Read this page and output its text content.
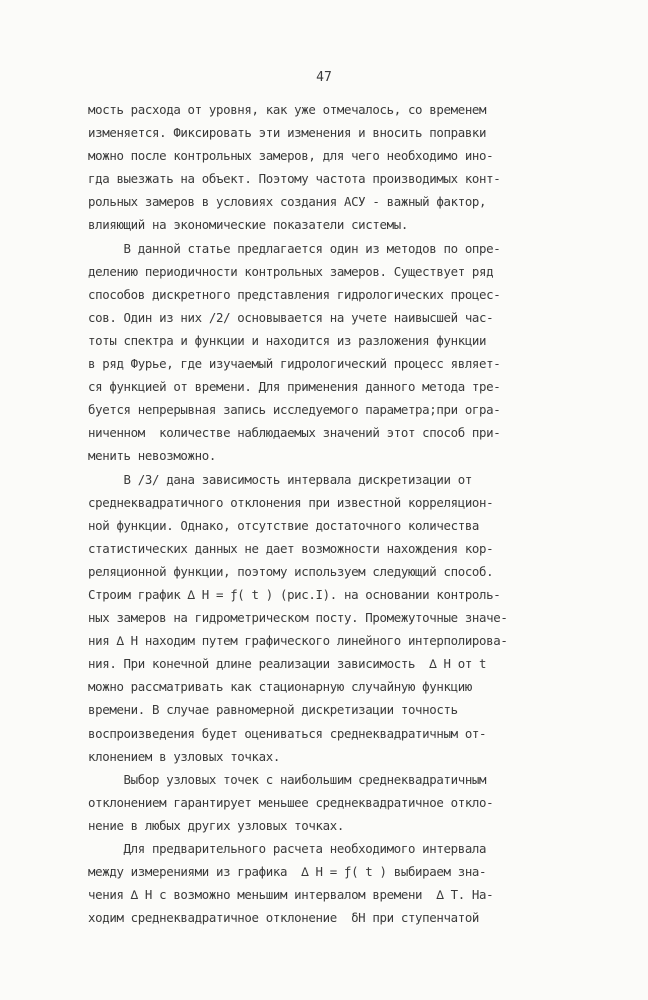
47
мость расхода от уровня, как уже отмечалось, со временем
изменяется. Фиксировать эти изменения и вносить поправки
можно после контрольных замеров, для чего необходимо ино-
гда выезжать на объект. Поэтому частота производимых конт-
рольных замеров в условиях создания АСУ - важный фактор,
влияющий на экономические показатели системы.
В данной статье предлагается один из методов по опре-
делению периодичности контрольных замеров. Существует ряд
способов дискретного представления гидрологических процес-
сов. Один из них /2/ основывается на учете наивысшей час-
тоты спектра и функции и находится из разложения функции
в ряд Фурье, где изучаемый гидрологический процесс являет-
ся функцией от времени. Для применения данного метода тре-
буется непрерывная запись исследуемого параметра;при огра-
ниченном  количестве наблюдаемых значений этот способ при-
менить невозможно.
В /3/ дана зависимость интервала дискретизации от
среднеквадратичного отклонения при известной корреляцион-
ной функции. Однако, отсутствие достаточного количества
статистических данных не дает возможности нахождения кор-
реляционной функции, поэтому используем следующий способ.
Строим график ∆ H = ƒ( t ) (рис.I). на основании контроль-
ных замеров на гидрометрическом посту. Промежуточные значе-
ния ∆ H находим путем графического линейного интерполирова-
ния. При конечной длине реализации зависимость  ∆ H от t
можно рассматривать как стационарную случайную функцию
времени. В случае равномерной дискретизации точность
воспроизведения будет оцениваться среднеквадратичным от-
клонением в узловых точках.
Выбор узловых точек с наибольшим среднеквадратичным
отклонением гарантирует меньшее среднеквадратичное откло-
нение в любых других узловых точках.
Для предварительного расчета необходимого интервала
между измерениями из графика  ∆ H = ƒ( t ) выбираем зна-
чения ∆ H с возможно меньшим интервалом времени  ∆ T. На-
ходим среднеквадратичное отклонение  δH при ступенчатой
